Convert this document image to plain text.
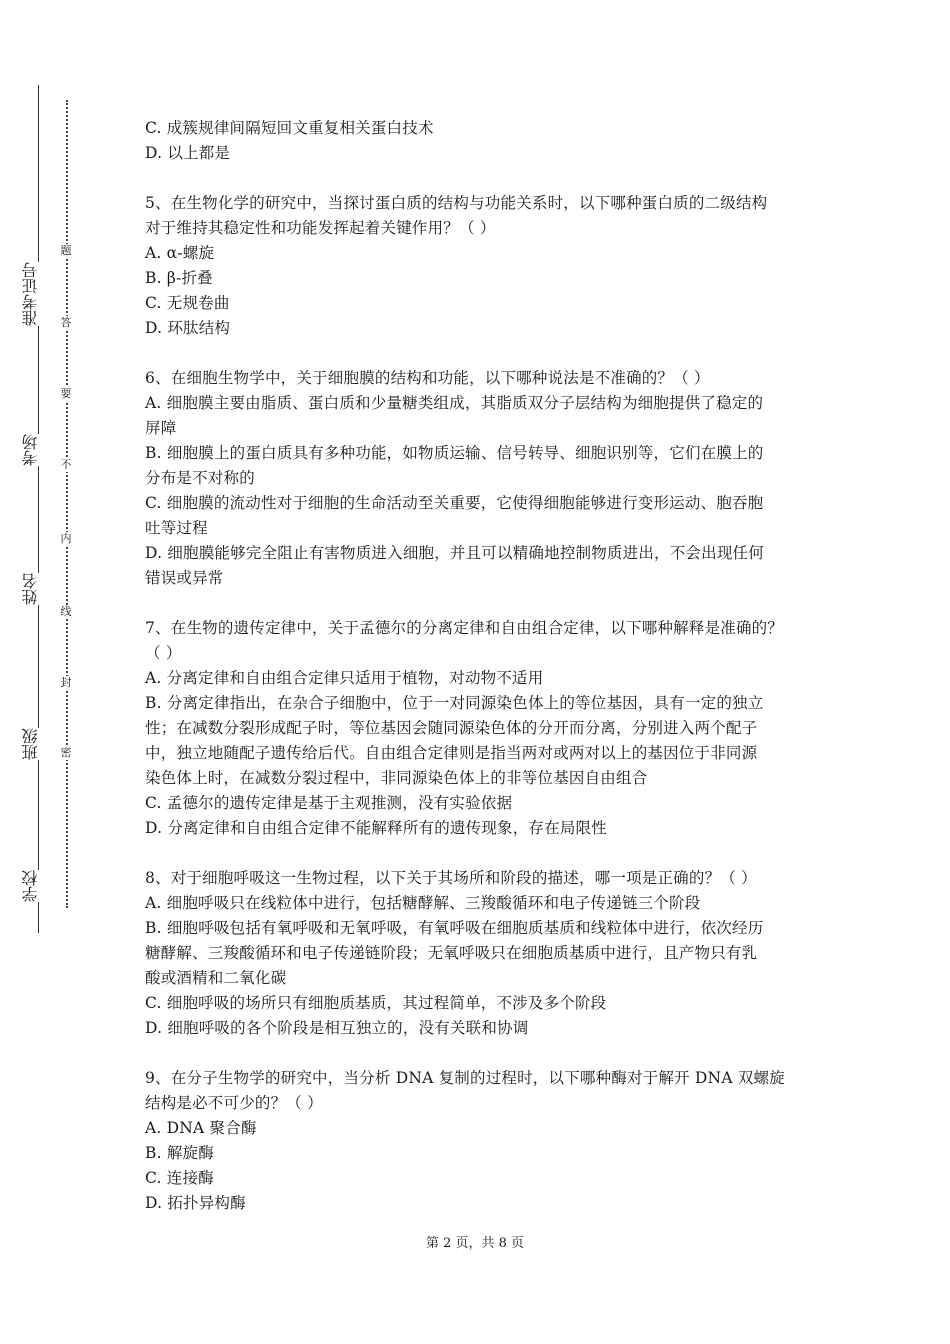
学校
班级
姓名
考场
准考证号
密
封
线
内
不
要
答
题

C. 成簇规律间隔短回文重复相关蛋白技术

D. 以上都是

5、在生物化学的研究中，当探讨蛋白质的结构与功能关系时，以下哪种蛋白质的二级结构

对于维持其稳定性和功能发挥起着关键作用？（ ）

A. α-螺旋

B. β-折叠

C. 无规卷曲

D. 环肽结构

6、在细胞生物学中，关于细胞膜的结构和功能，以下哪种说法是不准确的？（ ）

A. 细胞膜主要由脂质、蛋白质和少量糖类组成，其脂质双分子层结构为细胞提供了稳定的

屏障

B. 细胞膜上的蛋白质具有多种功能，如物质运输、信号转导、细胞识别等，它们在膜上的

分布是不对称的

C. 细胞膜的流动性对于细胞的生命活动至关重要，它使得细胞能够进行变形运动、胞吞胞

吐等过程

D. 细胞膜能够完全阻止有害物质进入细胞，并且可以精确地控制物质进出，不会出现任何

错误或异常

7、在生物的遗传定律中，关于孟德尔的分离定律和自由组合定律，以下哪种解释是准确的？

（ ）

A. 分离定律和自由组合定律只适用于植物，对动物不适用

B. 分离定律指出，在杂合子细胞中，位于一对同源染色体上的等位基因，具有一定的独立

性；在减数分裂形成配子时，等位基因会随同源染色体的分开而分离，分别进入两个配子

中，独立地随配子遗传给后代。自由组合定律则是指当两对或两对以上的基因位于非同源

染色体上时，在减数分裂过程中，非同源染色体上的非等位基因自由组合

C. 孟德尔的遗传定律是基于主观推测，没有实验依据

D. 分离定律和自由组合定律不能解释所有的遗传现象，存在局限性

8、对于细胞呼吸这一生物过程，以下关于其场所和阶段的描述，哪一项是正确的？（ ）

A. 细胞呼吸只在线粒体中进行，包括糖酵解、三羧酸循环和电子传递链三个阶段

B. 细胞呼吸包括有氧呼吸和无氧呼吸，有氧呼吸在细胞质基质和线粒体中进行，依次经历

糖酵解、三羧酸循环和电子传递链阶段；无氧呼吸只在细胞质基质中进行，且产物只有乳

酸或酒精和二氧化碳

C. 细胞呼吸的场所只有细胞质基质，其过程简单，不涉及多个阶段

D. 细胞呼吸的各个阶段是相互独立的，没有关联和协调

9、在分子生物学的研究中，当分析 DNA 复制的过程时，以下哪种酶对于解开 DNA 双螺旋

结构是必不可少的？（ ）

A. DNA 聚合酶

B. 解旋酶

C. 连接酶

D. 拓扑异构酶

第 2 页，共 8 页
